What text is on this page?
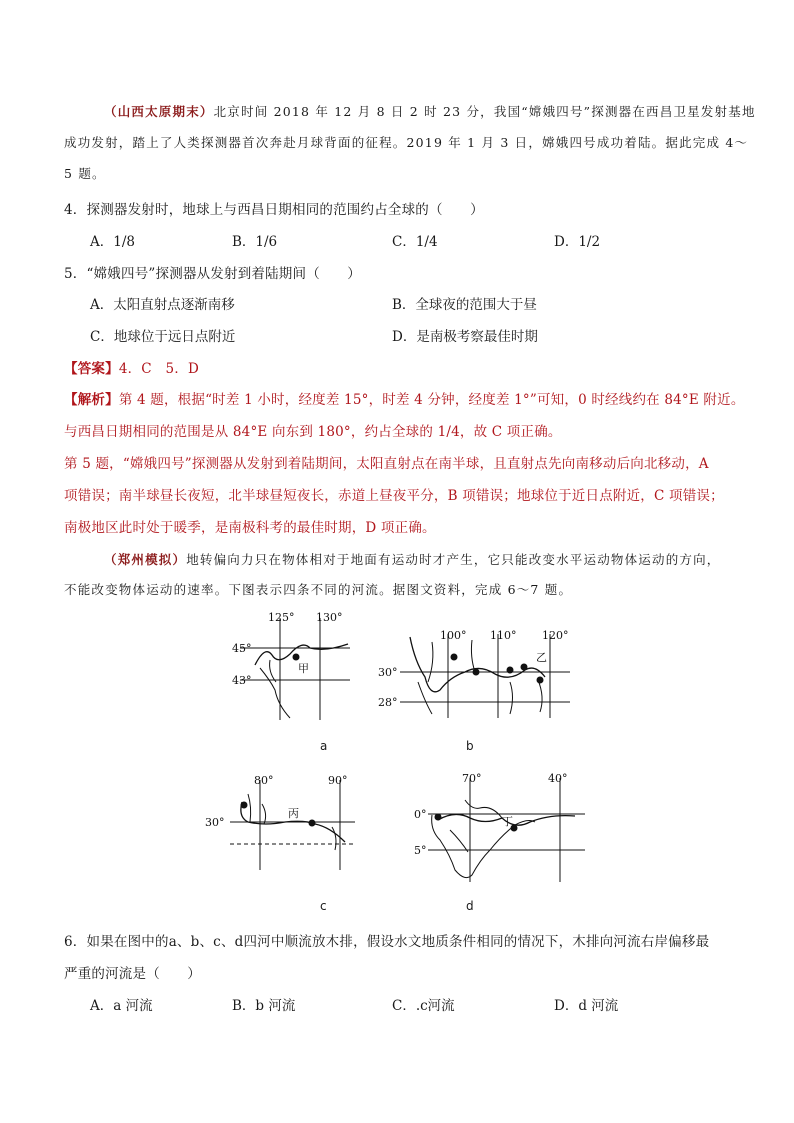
（山西太原期末）北京时间 2018 年 12 月 8 日 2 时 23 分，我国“嫦娥四号”探测器在西昌卫星发射基地
成功发射，踏上了人类探测器首次奔赴月球背面的征程。2019 年 1 月 3 日，嫦娥四号成功着陆。据此完成 4～
5 题。
4．探测器发射时，地球上与西昌日期相同的范围约占全球的（　　）
A．1/8	B．1/6	C．1/4	D．1/2
5．“嫦娥四号”探测器从发射到着陆期间（　　）
A．太阳直射点逐渐南移	B．全球夜的范围大于昼
C．地球位于远日点附近	D．是南极考察最佳时期
【答案】4．C　5．D
【解析】第 4 题，根据“时差 1 小时，经度差 15°，时差 4 分钟，经度差 1°”可知，0 时经线约在 84°E 附近。
与西昌日期相同的范围是从 84°E 向东到 180°，约占全球的 1/4，故 C 项正确。
第 5 题，“嫦娥四号”探测器从发射到着陆期间，太阳直射点在南半球，且直射点先向南移动后向北移动，A
项错误；南半球昼长夜短，北半球昼短夜长，赤道上昼夜平分，B 项错误；地球位于近日点附近，C 项错误；
南极地区此时处于暖季，是南极科考的最佳时期，D 项正确。
（郑州模拟）地转偏向力只在物体相对于地面有运动时才产生，它只能改变水平运动物体运动的方向，
不能改变物体运动的速率。下图表示四条不同的河流。据图文资料，完成 6～7 题。
45°
43°
125° 130°
甲
a
30°
28°
100° 110° 120°
乙
b
30°
80°	90°
丙
c
0°
5°
70°	40°
丁
d
6．如果在图中的a、b、c、d四河中顺流放木排，假设水文地质条件相同的情况下，木排向河流右岸偏移最
严重的河流是（　　）
A．a 河流	B．b 河流	C．.c河流	D．d 河流
